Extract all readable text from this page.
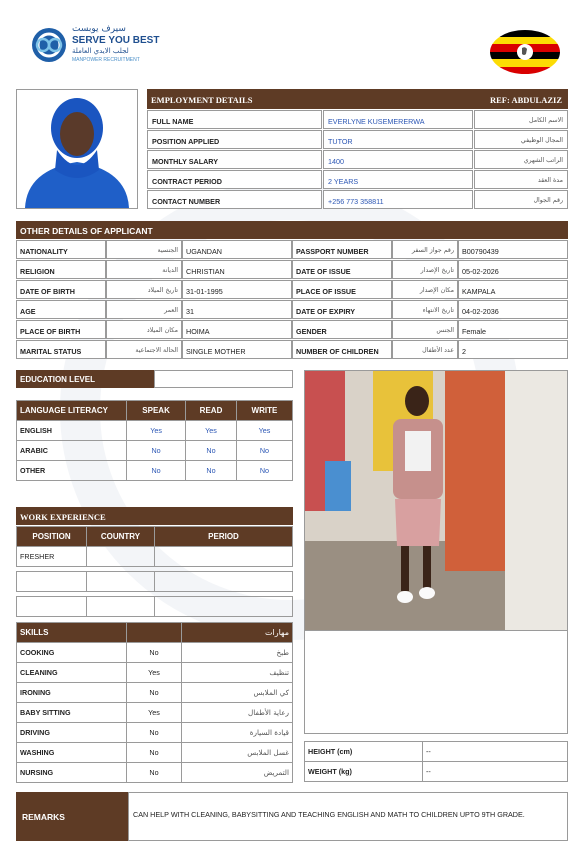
سيرف يوبست
SERVE YOU BEST
لجلب الايدي العاملة
MANPOWER RECRUITMENT
EMPLOYMENT DETAILS	REF: ABDULAZIZ
FULL NAME	EVERLYNE KUSEMERERWA	الاسم الكامل
POSITION APPLIED	TUTOR	المجال الوظيفي
MONTHLY SALARY	1400	الراتب الشهري
CONTRACT PERIOD	2 YEARS	مدة العقد
CONTACT NUMBER	+256 773 358811	رقم الجوال
OTHER DETAILS OF APPLICANT
NATIONALITY	الجنسية	UGANDAN	PASSPORT NUMBER	رقم جواز السفر	B00790439
RELIGION	الديانة	CHRISTIAN	DATE OF ISSUE	تاريخ الإصدار	05-02-2026
DATE OF BIRTH	تاريخ الميلاد	31-01-1995	PLACE OF ISSUE	مكان الإصدار	KAMPALA
AGE	العمر	31	DATE OF EXPIRY	تاريخ الانتهاء	04-02-2036
PLACE OF BIRTH	مكان الميلاد	HOIMA	GENDER	الجنس	Female
MARITAL STATUS	الحالة الاجتماعية	SINGLE MOTHER	NUMBER OF CHILDREN	عدد الأطفال	2
EDUCATION LEVEL
LANGUAGE LITERACY	SPEAK	READ	WRITE
ENGLISH	Yes	Yes	Yes
ARABIC	No	No	No
OTHER	No	No	No
WORK EXPERIENCE
POSITION	COUNTRY	PERIOD
FRESHER		

SKILLS		مهارات
COOKING	No	طبخ
CLEANING	Yes	تنظيف
IRONING	No	كي الملابس
BABY SITTING	Yes	رعاية الأطفال
DRIVING	No	قيادة السيارة
WASHING	No	غسل الملابس
NURSING	No	التمريض
HEIGHT (cm)	--
WEIGHT (kg)	--
REMARKS	CAN HELP WITH CLEANING, BABYSITTING AND TEACHING ENGLISH AND MATH TO CHILDREN UPTO 9TH GRADE.
